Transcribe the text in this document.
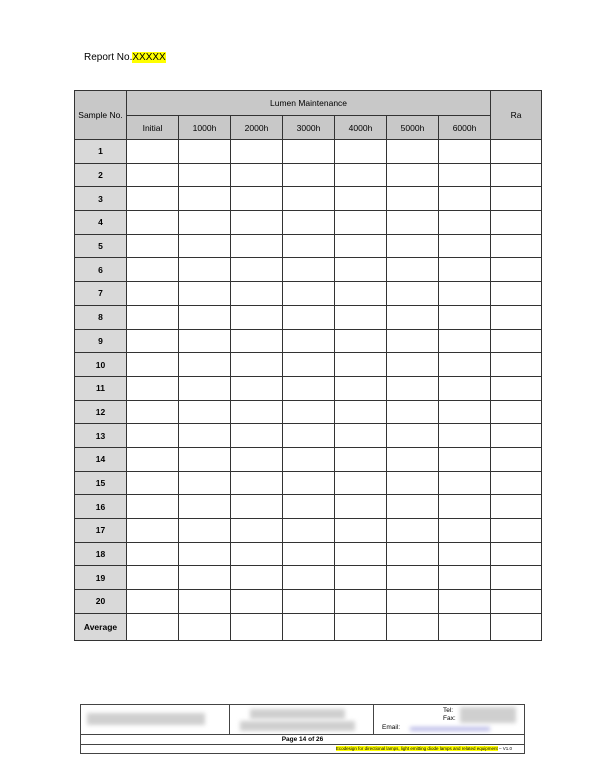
Report No.XXXXX
Sample No.	Lumen Maintenance							Ra
	Initial	1000h	2000h	3000h	4000h	5000h	6000h	
1								
2								
3								
4								
5								
6								
7								
8								
9								
10								
11								
12								
13								
14								
15								
16								
17								
18								
19								
20								
Average								
Tel:
Fax:
Email:
Page 14 of 26
Ecodesign for directional lamps, light emitting diode lamps and related equipment – V1.0
